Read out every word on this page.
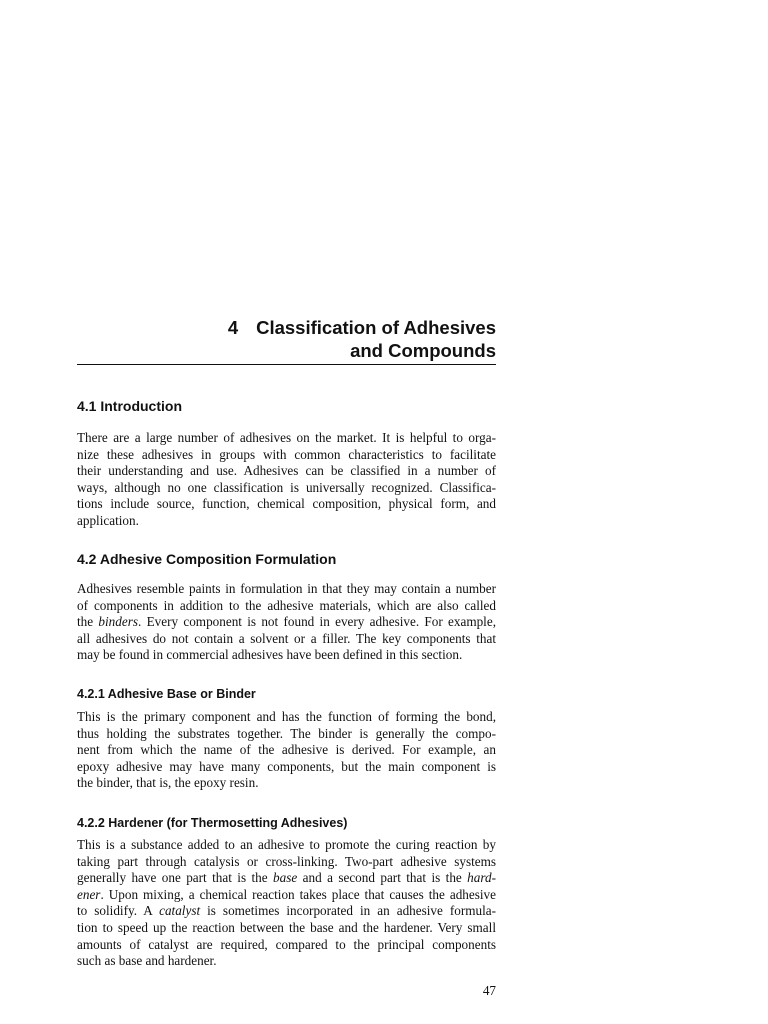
4 Classification of Adhesives
and Compounds
4.1 Introduction
There are a large number of adhesives on the market. It is helpful to orga-
nize these adhesives in groups with common characteristics to facilitate
their understanding and use. Adhesives can be classified in a number of
ways, although no one classification is universally recognized. Classifica-
tions include source, function, chemical composition, physical form, and
application.
4.2 Adhesive Composition Formulation
Adhesives resemble paints in formulation in that they may contain a number
of components in addition to the adhesive materials, which are also called
the binders. Every component is not found in every adhesive. For example,
all adhesives do not contain a solvent or a filler. The key components that
may be found in commercial adhesives have been defined in this section.
4.2.1 Adhesive Base or Binder
This is the primary component and has the function of forming the bond,
thus holding the substrates together. The binder is generally the compo-
nent from which the name of the adhesive is derived. For example, an
epoxy adhesive may have many components, but the main component is
the binder, that is, the epoxy resin.
4.2.2 Hardener (for Thermosetting Adhesives)
This is a substance added to an adhesive to promote the curing reaction by
taking part through catalysis or cross-linking. Two-part adhesive systems
generally have one part that is the base and a second part that is the hard-
ener. Upon mixing, a chemical reaction takes place that causes the adhesive
to solidify. A catalyst is sometimes incorporated in an adhesive formula-
tion to speed up the reaction between the base and the hardener. Very small
amounts of catalyst are required, compared to the principal components
such as base and hardener.
47
